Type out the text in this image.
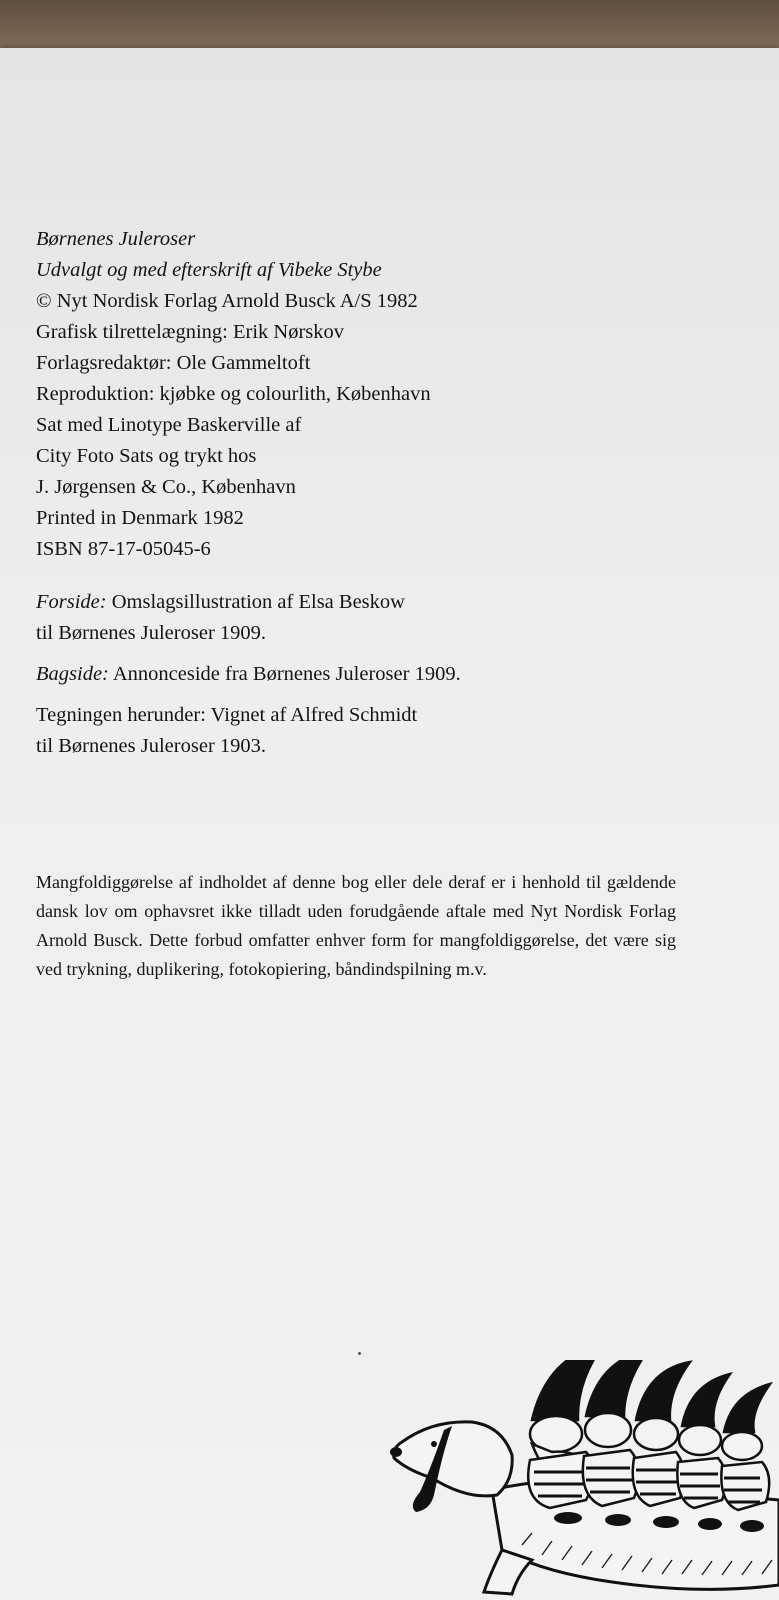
Børnenes Juleroser
Udvalgt og med efterskrift af Vibeke Stybe
© Nyt Nordisk Forlag Arnold Busck A/S 1982
Grafisk tilrettelægning: Erik Nørskov
Forlagsredaktør: Ole Gammeltoft
Reproduktion: kjøbke og colourlith, København
Sat med Linotype Baskerville af
City Foto Sats og trykt hos
J. Jørgensen & Co., København
Printed in Denmark 1982
ISBN 87-17-05045-6
Forside: Omslagsillustration af Elsa Beskow
til Børnenes Juleroser 1909.
Bagside: Annonceside fra Børnenes Juleroser 1909.
Tegningen herunder: Vignet af Alfred Schmidt
til Børnenes Juleroser 1903.
Mangfoldiggørelse af indholdet af denne bog eller dele deraf er i henhold til gældende dansk lov om ophavsret ikke tilladt uden forudgående aftale med Nyt Nordisk Forlag Arnold Busck. Dette forbud omfatter enhver form for mangfoldiggørelse, det være sig ved trykning, duplikering, fotokopiering, båndindspilning m.v.
